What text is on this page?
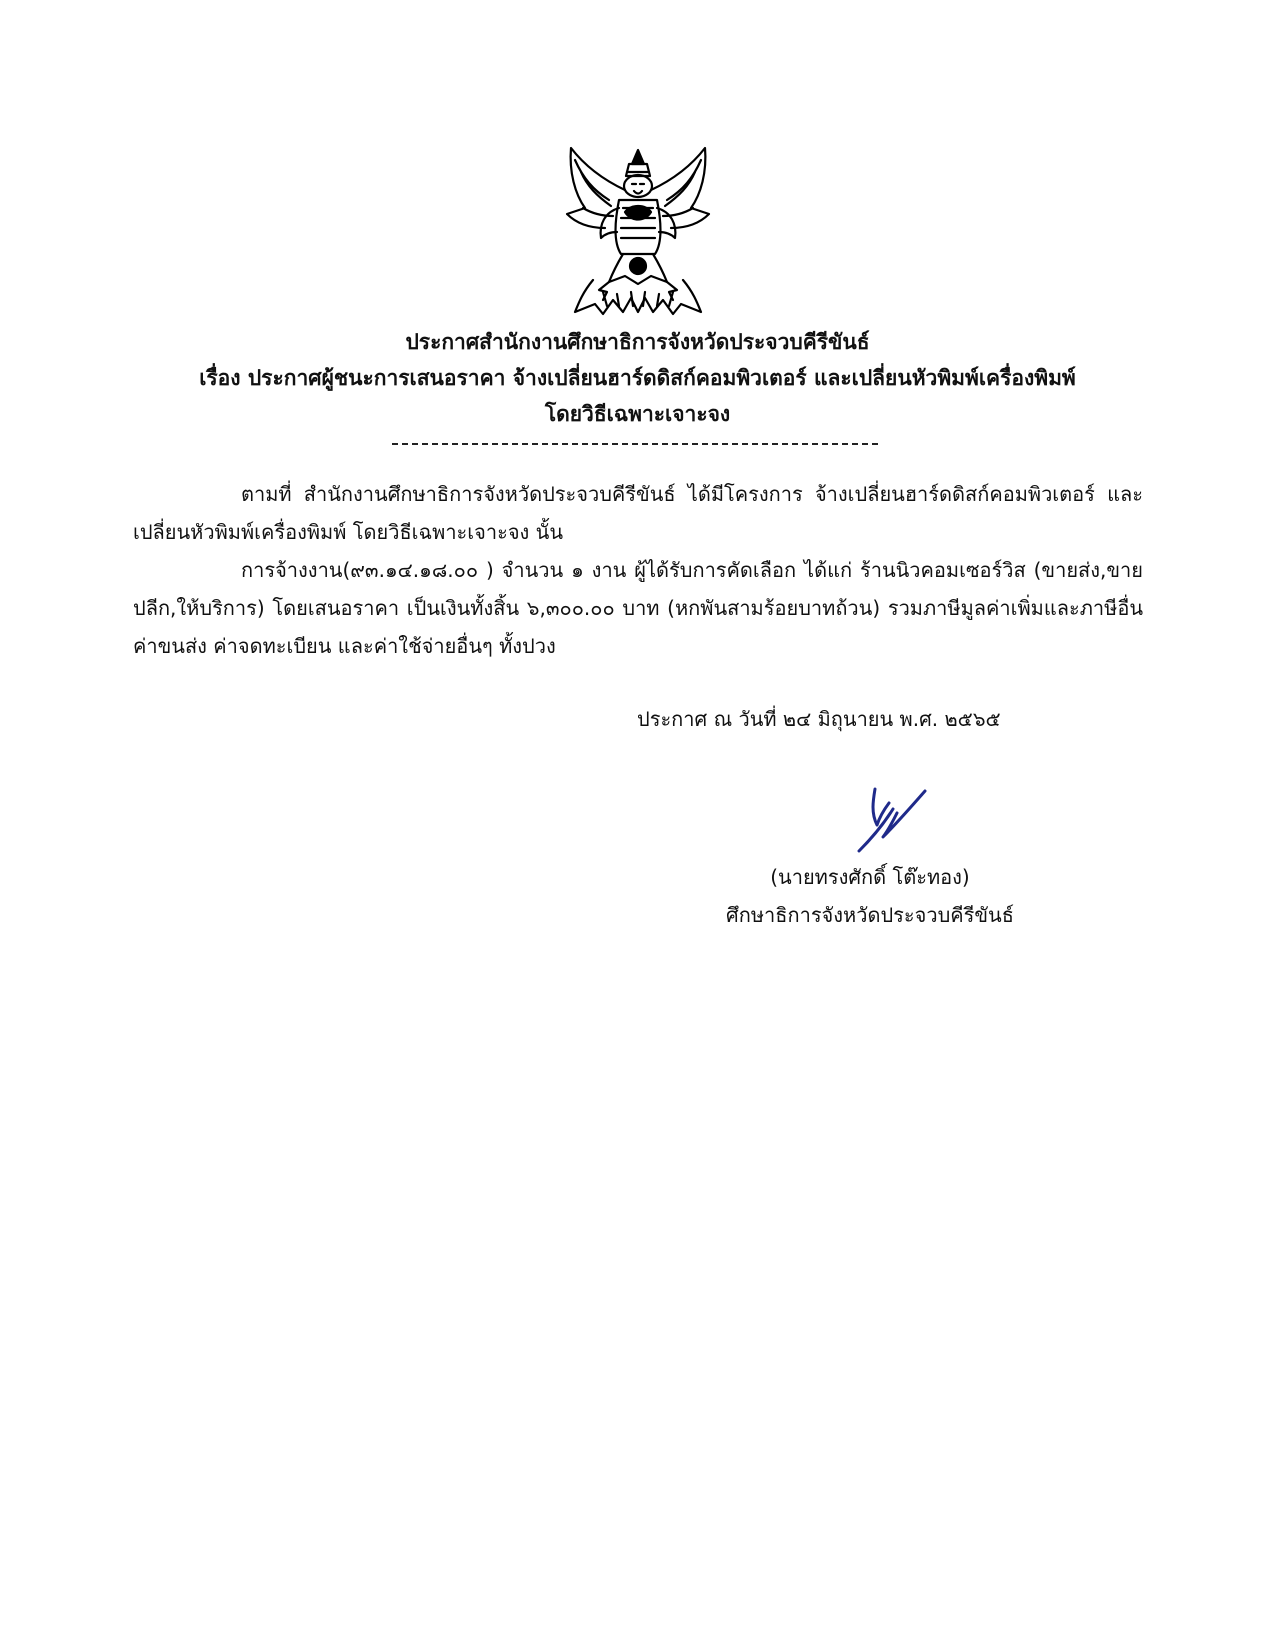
ประกาศสำนักงานศึกษาธิการจังหวัดประจวบคีรีขันธ์
เรื่อง ประกาศผู้ชนะการเสนอราคา จ้างเปลี่ยนฮาร์ดดิสก์คอมพิวเตอร์ และเปลี่ยนหัวพิมพ์เครื่องพิมพ์
โดยวิธีเฉพาะเจาะจง
ตามที่ สำนักงานศึกษาธิการจังหวัดประจวบคีรีขันธ์ ได้มีโครงการ จ้างเปลี่ยนฮาร์ดดิสก์คอมพิวเตอร์ และเปลี่ยนหัวพิมพ์เครื่องพิมพ์ โดยวิธีเฉพาะเจาะจง นั้น
การจ้างงาน(๙๓.๑๔.๑๘.๐๐ ) จำนวน ๑ งาน ผู้ได้รับการคัดเลือก ได้แก่ ร้านนิวคอมเซอร์วิส (ขายส่ง,ขายปลีก,ให้บริการ) โดยเสนอราคา เป็นเงินทั้งสิ้น ๖,๓๐๐.๐๐ บาท (หกพันสามร้อยบาทถ้วน) รวมภาษีมูลค่าเพิ่มและภาษีอื่น ค่าขนส่ง ค่าจดทะเบียน และค่าใช้จ่ายอื่นๆ ทั้งปวง
ประกาศ ณ วันที่ ๒๔ มิถุนายน พ.ศ. ๒๕๖๕
(นายทรงศักดิ์ โต๊ะทอง)
ศึกษาธิการจังหวัดประจวบคีรีขันธ์
